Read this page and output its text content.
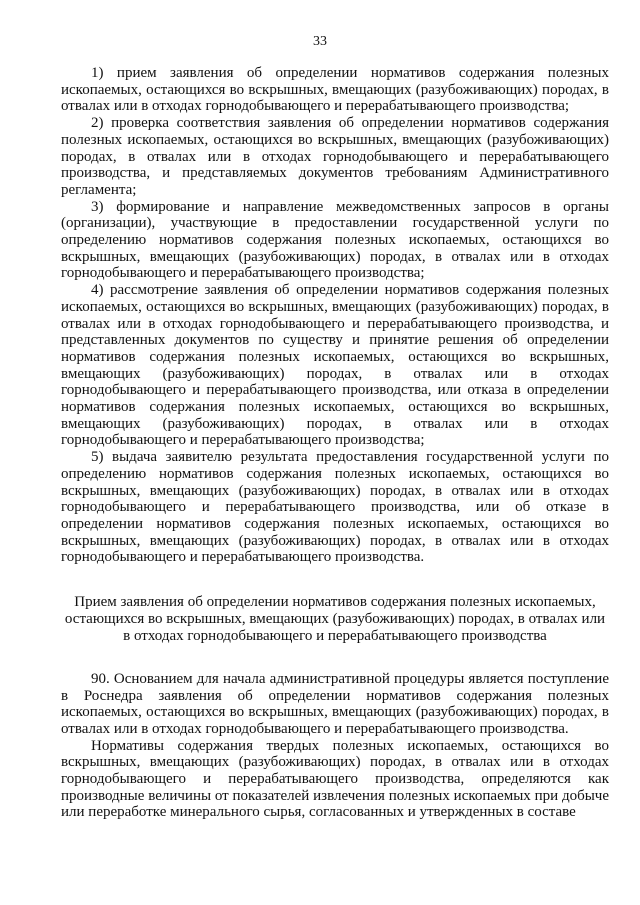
33

1) прием заявления об определении нормативов содержания полезных ископаемых, остающихся во вскрышных, вмещающих (разубоживающих) породах, в отвалах или в отходах горнодобывающего и перерабатывающего производства;

2) проверка соответствия заявления об определении нормативов содержания полезных ископаемых, остающихся во вскрышных, вмещающих (разубоживающих) породах, в отвалах или в отходах горнодобывающего и перерабатывающего производства, и представляемых документов требованиям Административного регламента;

3) формирование и направление межведомственных запросов в органы (организации), участвующие в предоставлении государственной услуги по определению нормативов содержания полезных ископаемых, остающихся во вскрышных, вмещающих (разубоживающих) породах, в отвалах или в отходах горнодобывающего и перерабатывающего производства;

4) рассмотрение заявления об определении нормативов содержания полезных ископаемых, остающихся во вскрышных, вмещающих (разубоживающих) породах, в отвалах или в отходах горнодобывающего и перерабатывающего производства, и представленных документов по существу и принятие решения об определении нормативов содержания полезных ископаемых, остающихся во вскрышных, вмещающих (разубоживающих) породах, в отвалах или в отходах горнодобывающего и перерабатывающего производства, или отказа в определении нормативов содержания полезных ископаемых, остающихся во вскрышных, вмещающих (разубоживающих) породах, в отвалах или в отходах горнодобывающего и перерабатывающего производства;

5) выдача заявителю результата предоставления государственной услуги по определению нормативов содержания полезных ископаемых, остающихся во вскрышных, вмещающих (разубоживающих) породах, в отвалах или в отходах горнодобывающего и перерабатывающего производства, или об отказе в определении нормативов содержания полезных ископаемых, остающихся во вскрышных, вмещающих (разубоживающих) породах, в отвалах или в отходах горнодобывающего и перерабатывающего производства.

Прием заявления об определении нормативов содержания полезных ископаемых,
остающихся во вскрышных, вмещающих (разубоживающих) породах, в отвалах или
в отходах горнодобывающего и перерабатывающего производства

90. Основанием для начала административной процедуры является поступление в Роснедра заявления об определении нормативов содержания полезных ископаемых, остающихся во вскрышных, вмещающих (разубоживающих) породах, в отвалах или в отходах горнодобывающего и перерабатывающего производства.

Нормативы содержания твердых полезных ископаемых, остающихся во вскрышных, вмещающих (разубоживающих) породах, в отвалах или в отходах горнодобывающего и перерабатывающего производства, определяются как производные величины от показателей извлечения полезных ископаемых при добыче или переработке минерального сырья, согласованных и утвержденных в составе
